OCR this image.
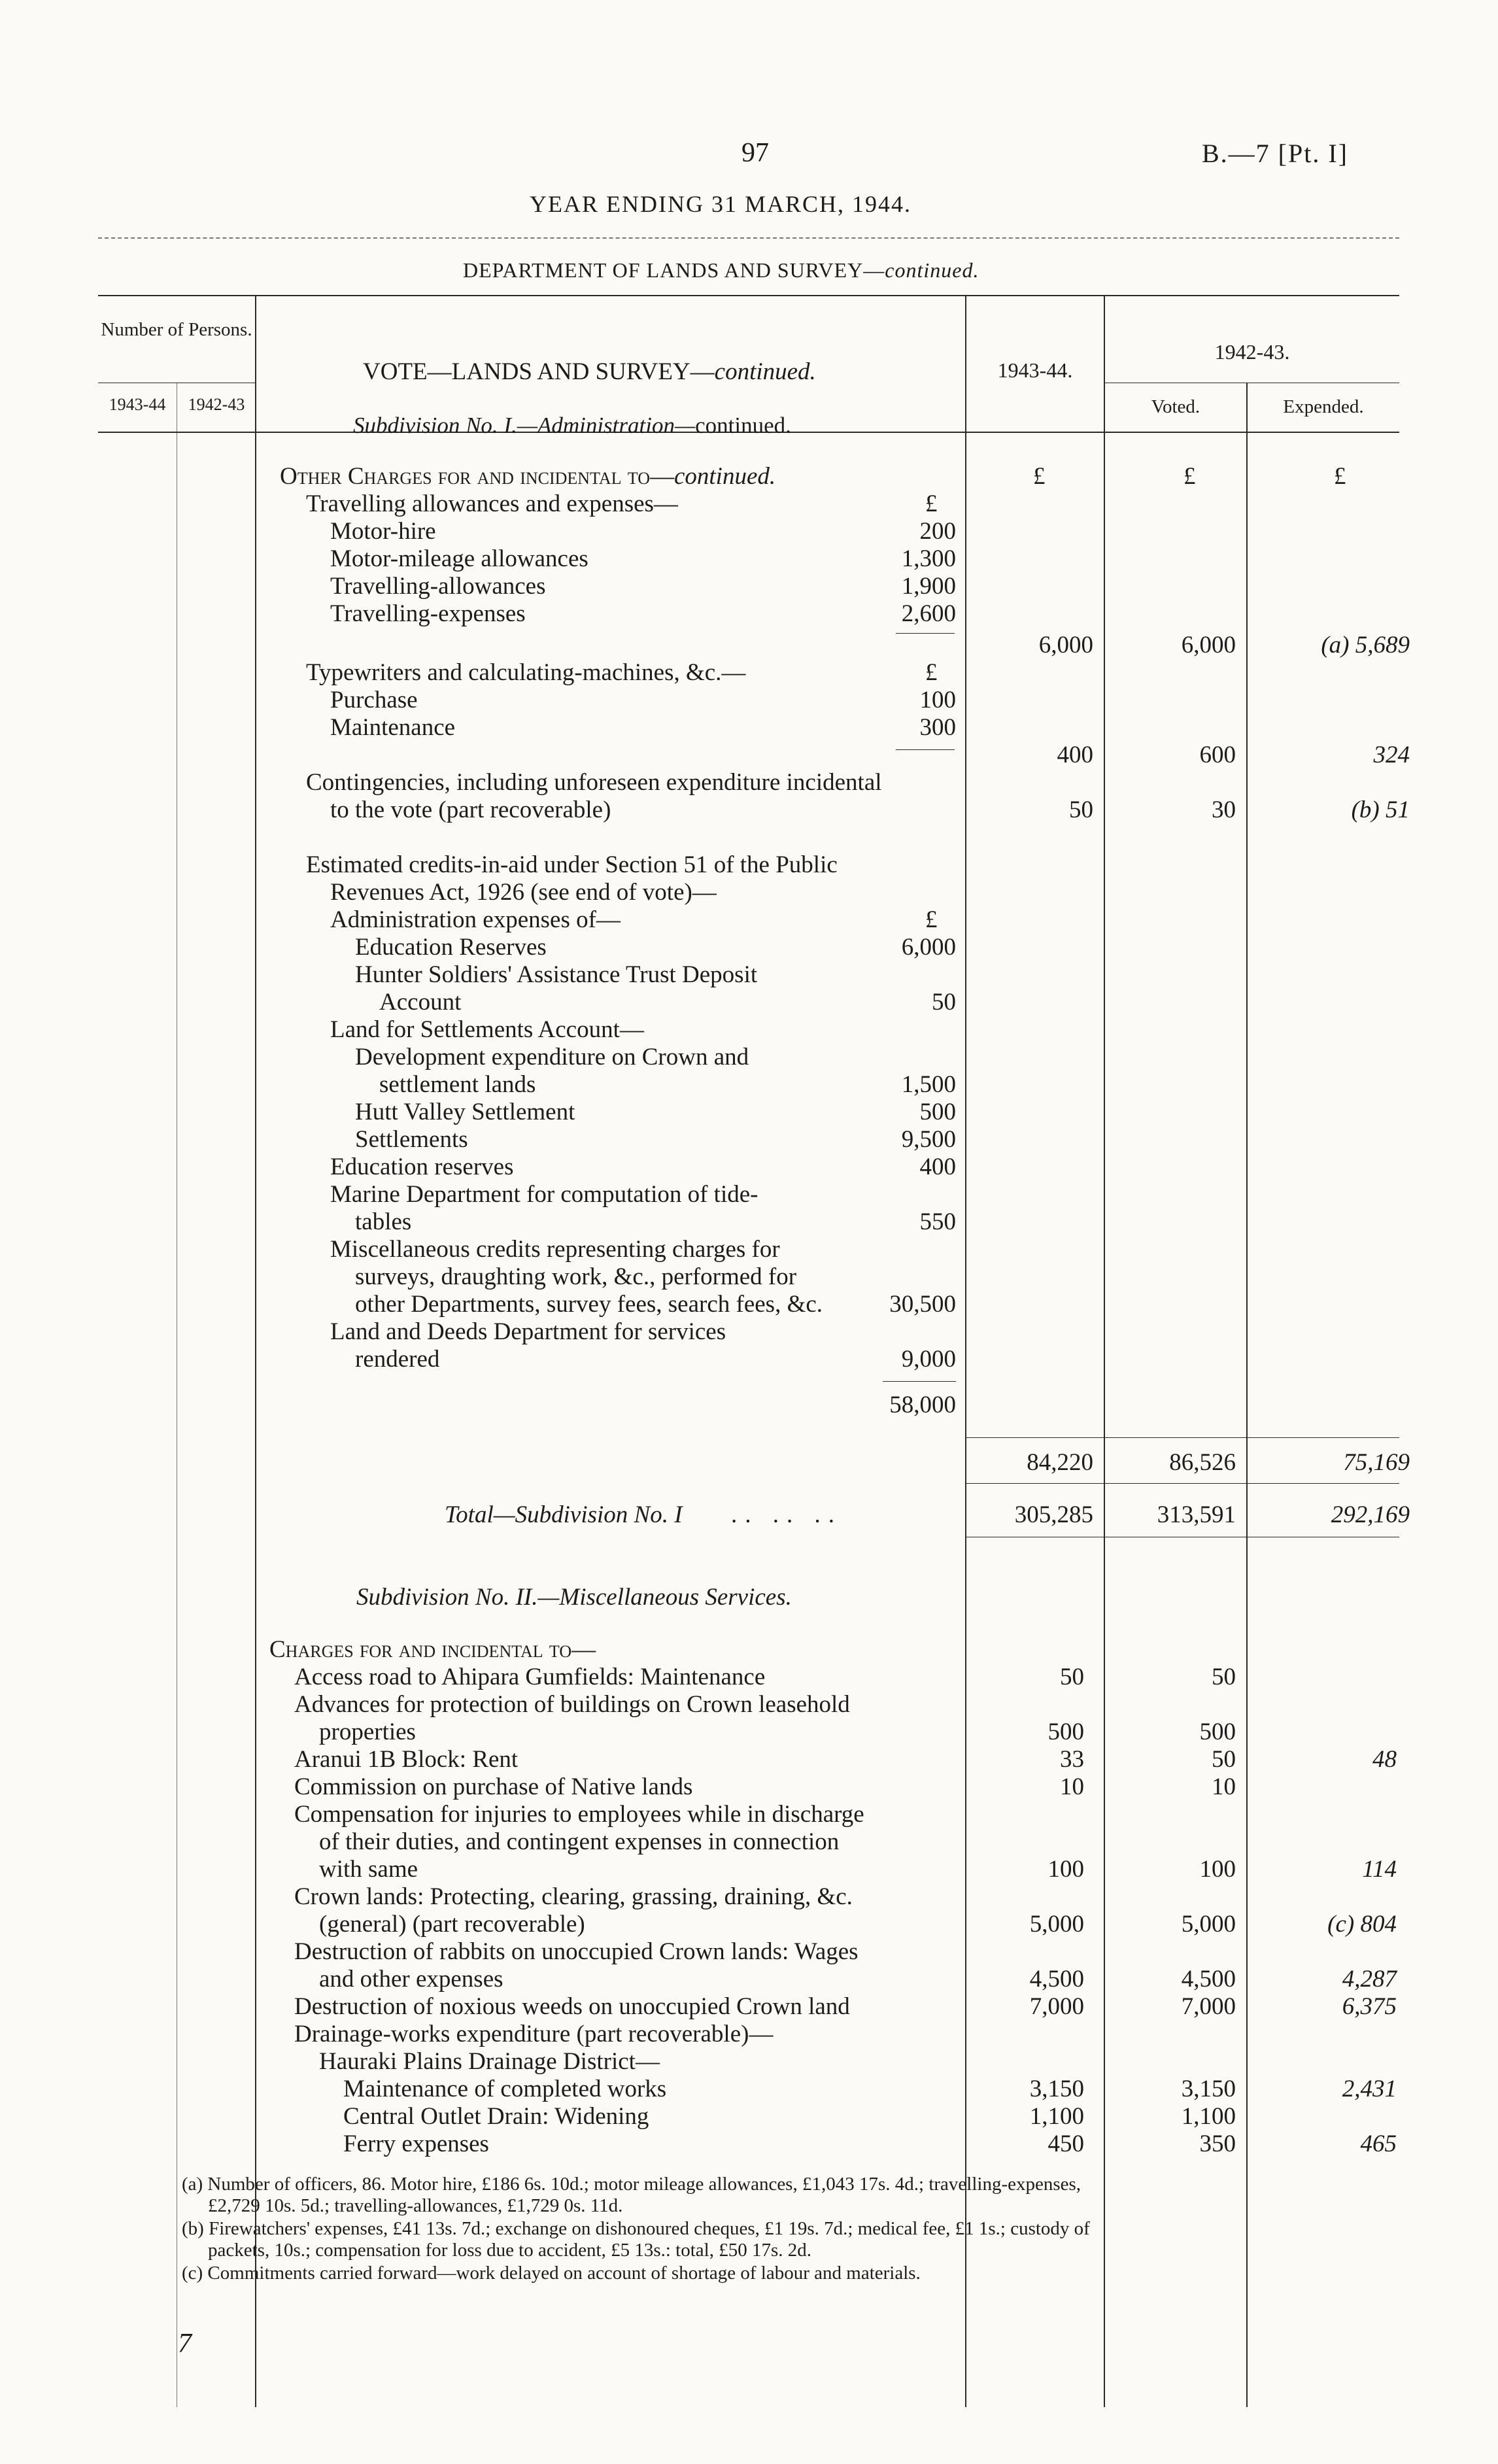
97	B.—7 [Pt. I]
YEAR ENDING 31 MARCH, 1944.
DEPARTMENT OF LANDS AND SURVEY—continued.
Number of Persons.
1943-44	1942-43
1943-44.
1942-43.
Voted.	Expended.
VOTE—LANDS AND SURVEY—continued.
Subdivision No. I.—Administration—continued.
Other Charges for and incidental to—continued.	£	£	£
Travelling allowances and expenses—	£
Motor-hire	200
Motor-mileage allowances	1,300
Travelling-allowances	1,900
Travelling-expenses	2,600
6,000	6,000	(a) 5,689
Typewriters and calculating-machines, &c.—	£
Purchase	100
Maintenance	300
400	600	324
Contingencies, including unforeseen expenditure incidental
to the vote (part recoverable)	50	30	(b) 51
Estimated credits-in-aid under Section 51 of the Public
Revenues Act, 1926 (see end of vote)—
Administration expenses of—	£
Education Reserves	6,000
Hunter Soldiers' Assistance Trust Deposit
Account	50
Land for Settlements Account—
Development expenditure on Crown and
settlement lands	1,500
Hutt Valley Settlement	500
Settlements	9,500
Education reserves	400
Marine Department for computation of tide-
tables	550
Miscellaneous credits representing charges for
surveys, draughting work, &c., performed for
other Departments, survey fees, search fees, &c.	30,500
Land and Deeds Department for services
rendered	9,000
58,000
84,220	86,526	75,169
Total—Subdivision No. I .. .. ..	305,285	313,591	292,169
Subdivision No. II.—Miscellaneous Services.
Charges for and incidental to—
Access road to Ahipara Gumfields: Maintenance	50	50
Advances for protection of buildings on Crown leasehold
properties	500	500
Aranui 1B Block: Rent	33	50	48
Commission on purchase of Native lands	10	10
Compensation for injuries to employees while in discharge
of their duties, and contingent expenses in connection
with same	100	100	114
Crown lands: Protecting, clearing, grassing, draining, &c.
(general) (part recoverable)	5,000	5,000	(c) 804
Destruction of rabbits on unoccupied Crown lands: Wages
and other expenses	4,500	4,500	4,287
Destruction of noxious weeds on unoccupied Crown land	7,000	7,000	6,375
Drainage-works expenditure (part recoverable)—
Hauraki Plains Drainage District—
Maintenance of completed works	3,150	3,150	2,431
Central Outlet Drain: Widening	1,100	1,100
Ferry expenses	450	350	465
(a) Number of officers, 86. Motor hire, £186 6s. 10d.; motor mileage allowances, £1,043 17s. 4d.; travelling-expenses,
£2,729 10s. 5d.; travelling-allowances, £1,729 0s. 11d.
(b) Firewatchers' expenses, £41 13s. 7d.; exchange on dishonoured cheques, £1 19s. 7d.; medical fee, £1 1s.; custody of
packets, 10s.; compensation for loss due to accident, £5 13s.: total, £50 17s. 2d.
(c) Commitments carried forward—work delayed on account of shortage of labour and materials.
7
